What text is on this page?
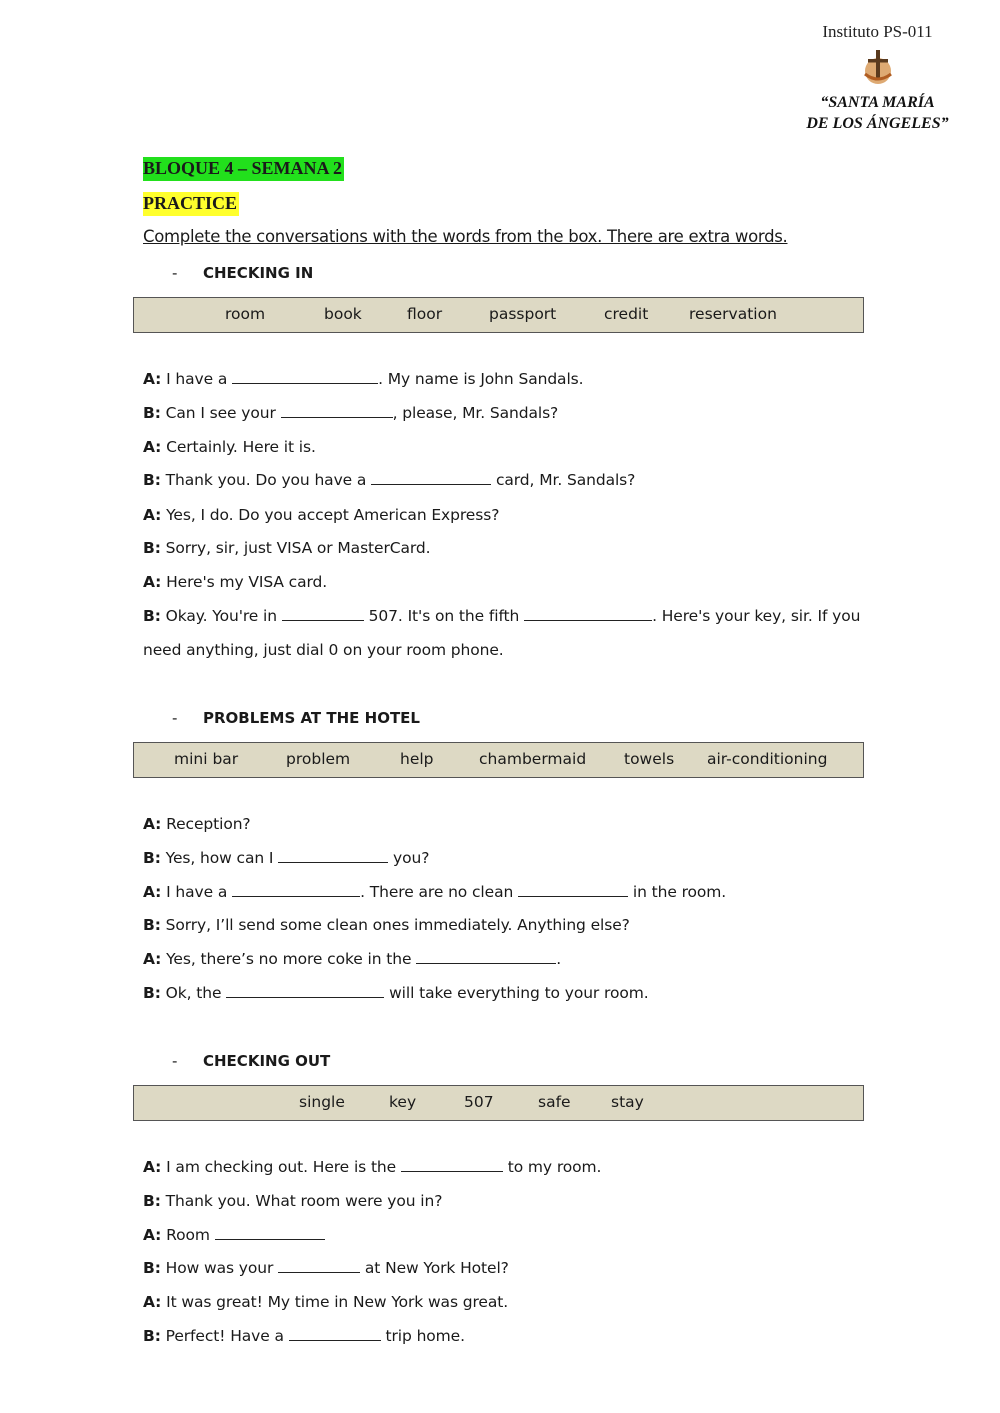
Instituto PS-011
“SANTA MARÍA
DE LOS ÁNGELES”
BLOQUE 4 – SEMANA 2
PRACTICE
Complete the conversations with the words from the box. There are extra words.
- CHECKING IN
room	book	floor	passport	credit	reservation
A: I have a	. My name is John Sandals.
B: Can I see your	, please, Mr. Sandals?
A: Certainly. Here it is.
B: Thank you. Do you have a	card, Mr. Sandals?
A: Yes, I do. Do you accept American Express?
B: Sorry, sir, just VISA or MasterCard.
A: Here's my VISA card.
B: Okay. You're in	507. It's on the fifth	. Here's your key, sir. If you
need anything, just dial 0 on your room phone.
- PROBLEMS AT THE HOTEL
mini bar	problem	help	chambermaid towels air-conditioning
A: Reception?
B: Yes, how can I	you?
A: I have a	. There are no clean	in the room.
B: Sorry, I’ll send some clean ones immediately. Anything else?
A: Yes, there’s no more coke in the	.
B: Ok, the	will take everything to your room.
- CHECKING OUT
single	key	507	safe	stay
A: I am checking out. Here is the	to my room.
B: Thank you. What room were you in?
A: Room
B: How was your	at New York Hotel?
A: It was great! My time in New York was great.
B: Perfect! Have a	trip home.
